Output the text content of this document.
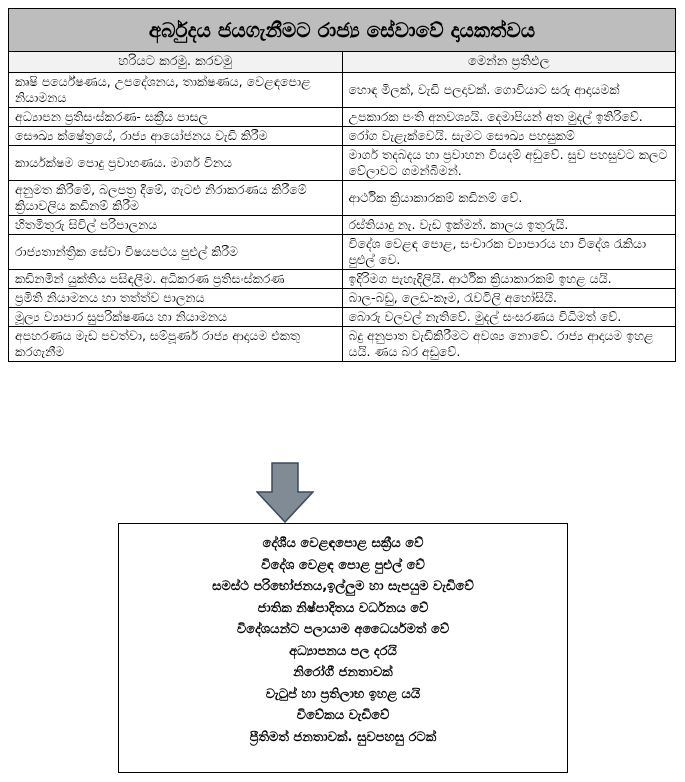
අර්බුදය ජයගැනීමට රාජ්‍ය සේවාවේ දායකත්වය	
හරියට කරමු. කරවමු	මෙන්න ප්‍රතිඵල
කෘෂි පර්යේෂණය, උපදේශනය, තාක්ෂණය, වෙළඳපොළ නියාමනය	හොඳ මිලක්, වැඩි පලදාවක්. ගොවියාට සරු ආදායමක්
අධ්‍යාපන ප්‍රතිසංස්කරණ- සක්‍රීය පාසල	උපකාරක පංති අනවශ්‍යයි. දෙමාපියන් අත මුදල් ඉතිරිවේ.
සෞඛ්‍ය ක්ෂේත්‍රයේ, රාජ්‍ය ආයෝජනය වැඩි කිරීම	රෝග වැළැක්වෙයි. සැමට සෞඛ්‍ය පහසුකම්
කාර්යක්ෂම පොදු ප්‍රවාහණය. මාර්ග විනය	මාර්ග තදබදය හා ප්‍රවාහන වියදම් අඩුවේ. සුව පහසුවට කලට වේලාවට ගමන්බිමන්.
අනුමත කිරීමේ, බලපත්‍ර දීමේ, ගැටළු නිරාකරණය කිරීමේ ක්‍රියාවලිය කඩිනම් කිරීම	ආර්ථික ක්‍රියාකාරකම් කඩිනම් වේ.
හිතමිතුරු සිවිල් පරිපාලනය	රස්තියාදු නැ. වැඩ ඉක්මන්. කාලය ඉතුරුයි.
රාජ්‍යතාන්ත්‍රික සේවා විෂයපථය පුළුල් කිරීම	විදේශ වෙළඳ පොළ, සංචාරක ව්‍යාපාරය හා විදේශ රැකියා පුළුල් වෙ.
කඩිනමින් යුක්තිය පසිඳලීම. අධිකරණ ප්‍රතිසංස්කරණ	ඉදිරිමග පැහැදිලියි. ආර්ථික ක්‍රියාකාරකම් ඉහළ යයි.
ප්‍රමිති නියාමනය හා තත්ත්ව පාලනය	බාල-බඩු, ලෙඩ-කෑම, රැවටිලි අහෝසියි.
මූල්‍ය ව්‍යාපාර සුපරික්ෂණය හා නියාමනය	බොරු වලවල් නැතිවේ. මුදල් සංසරණය විධිමත් වේ.
අපහරණය මැඩ පවත්වා, සම්පූර්ණ රාජ්‍ය ආදායම එකතු කරගැනීම	බදු අනුපාත වැඩිකිරීමට අවශ්‍ය නොවේ. රාජ්‍ය ආදායම ඉහළ යයි. ණය බර අඩුවේ.
දේශීය වෙළඳපොළ සක්‍රීය වේ
විදේශ වෙළඳ පොළ පුළුල් වේ
සමස්ථ පරිභෝජනය,ඉල්ලුම හා සැපයුම වැඩිවේ
ජාතික නිෂ්පාදිතය වර්ධනය වේ
විදේශයන්ට පලායාම අධෛර්යමත් වේ
අධ්‍යාපනය පල දරයි
නිරෝගී ජනතාවක්
වැටුප් හා ප්‍රතිලාභ ඉහළ යයි
විවේකය වැඩිවේ
ප්‍රීතිමත් ජනතාවක්. සුවපහසු රටක්
